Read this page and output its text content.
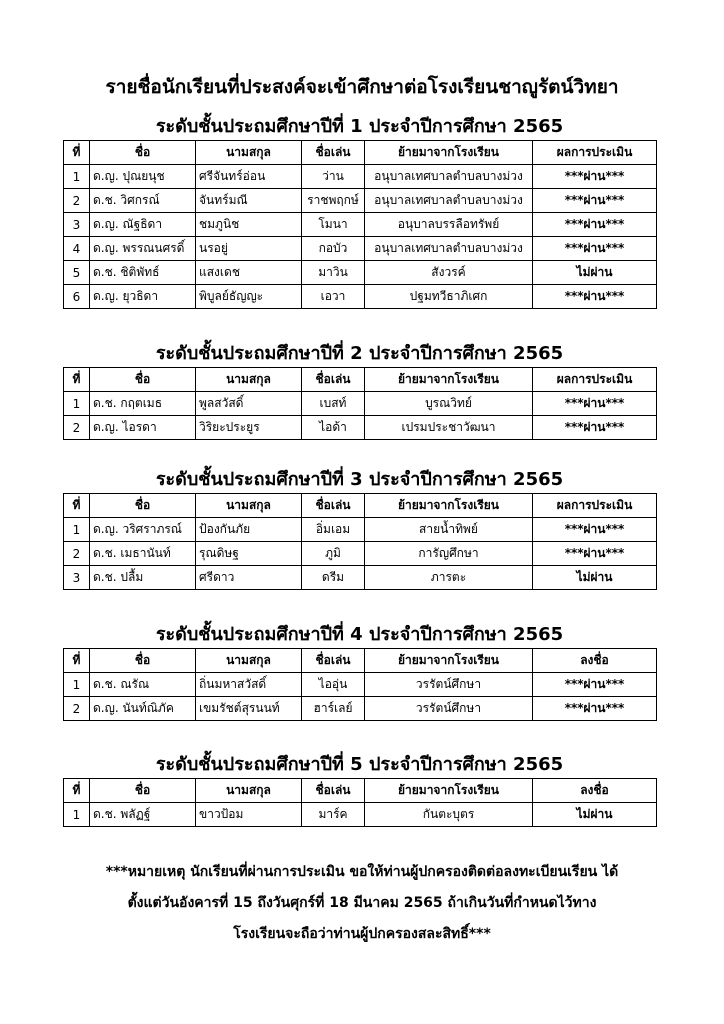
รายชื่อนักเรียนที่ประสงค์จะเข้าศึกษาต่อโรงเรียนชาญูรัตน์วิทยา
ระดับชั้นประถมศึกษาปีที่ 1 ประจำปีการศึกษา 2565
ที่	ชื่อ	นามสกุล	ชื่อเล่น	ย้ายมาจากโรงเรียน	ผลการประเมิน
1	ด.ญ. ปุณยนุช	ศรีจันทร์อ่อน	ว่าน	อนุบาลเทศบาลตำบลบางม่วง	***ผ่าน***
2	ด.ช. วิศกรณ์	จันทร์มณี	ราชพฤกษ์	อนุบาลเทศบาลตำบลบางม่วง	***ผ่าน***
3	ด.ญ. ณัฐธิดา	ชมภูนิช	โมนา	อนุบาลบรรลือทรัพย์	***ผ่าน***
4	ด.ญ. พรรณนศรดิ์	นรอยู่	กอบัว	อนุบาลเทศบาลตำบลบางม่วง	***ผ่าน***
5	ด.ช. ชิติพัทธ์	แสงเดช	มาวิน	สังวรค์	ไม่ผ่าน
6	ด.ญ. ยุวธิดา	พิบูลย์ธัญญะ	เอวา	ปฐมทวีธาภิเศก	***ผ่าน***
ระดับชั้นประถมศึกษาปีที่ 2 ประจำปีการศึกษา 2565
ที่	ชื่อ	นามสกุล	ชื่อเล่น	ย้ายมาจากโรงเรียน	ผลการประเมิน
1	ด.ช. กฤตเมธ	พูลสวัสดิ์	เบสท์	บูรณวิทย์	***ผ่าน***
2	ด.ญ. ไอรดา	วิริยะประยูร	ไอด้า	เปรมประชาวัฒนา	***ผ่าน***
ระดับชั้นประถมศึกษาปีที่ 3 ประจำปีการศึกษา 2565
ที่	ชื่อ	นามสกุล	ชื่อเล่น	ย้ายมาจากโรงเรียน	ผลการประเมิน
1	ด.ญ. วริศราภรณ์	ป้องกันภัย	อิ่มเอม	สายน้ำทิพย์	***ผ่าน***
2	ด.ช. เมธานันท์	รุณดิษฐ	ภูมิ	การัญศึกษา	***ผ่าน***
3	ด.ช. ปลื้ม	ศรีดาว	ดรีม	ภารตะ	ไม่ผ่าน
ระดับชั้นประถมศึกษาปีที่ 4 ประจำปีการศึกษา 2565
ที่	ชื่อ	นามสกุล	ชื่อเล่น	ย้ายมาจากโรงเรียน	ลงชื่อ
1	ด.ช. ณรัณ	ถิ่นมหาสวัสดิ์	ไออุ่น	วรรัตน์ศึกษา	***ผ่าน***
2	ด.ญ. นันท์ณิภัค	เขมรัชต์สุรนนท์	ฮาร์เลย์	วรรัตน์ศึกษา	***ผ่าน***
ระดับชั้นประถมศึกษาปีที่ 5 ประจำปีการศึกษา 2565
ที่	ชื่อ	นามสกุล	ชื่อเล่น	ย้ายมาจากโรงเรียน	ลงชื่อ
1	ด.ช. พลัฏฐ์	ขาวป้อม	มาร์ค	กันตะบุตร	ไม่ผ่าน
***หมายเหตุ นักเรียนที่ผ่านการประเมิน ขอให้ท่านผู้ปกครองติดต่อลงทะเบียนเรียน ได้
ตั้งแต่วันอังคารที่ 15 ถึงวันศุกร์ที่ 18 มีนาคม 2565 ถ้าเกินวันที่กำหนดไว้ทาง
โรงเรียนจะถือว่าท่านผู้ปกครองสละสิทธิ์***
